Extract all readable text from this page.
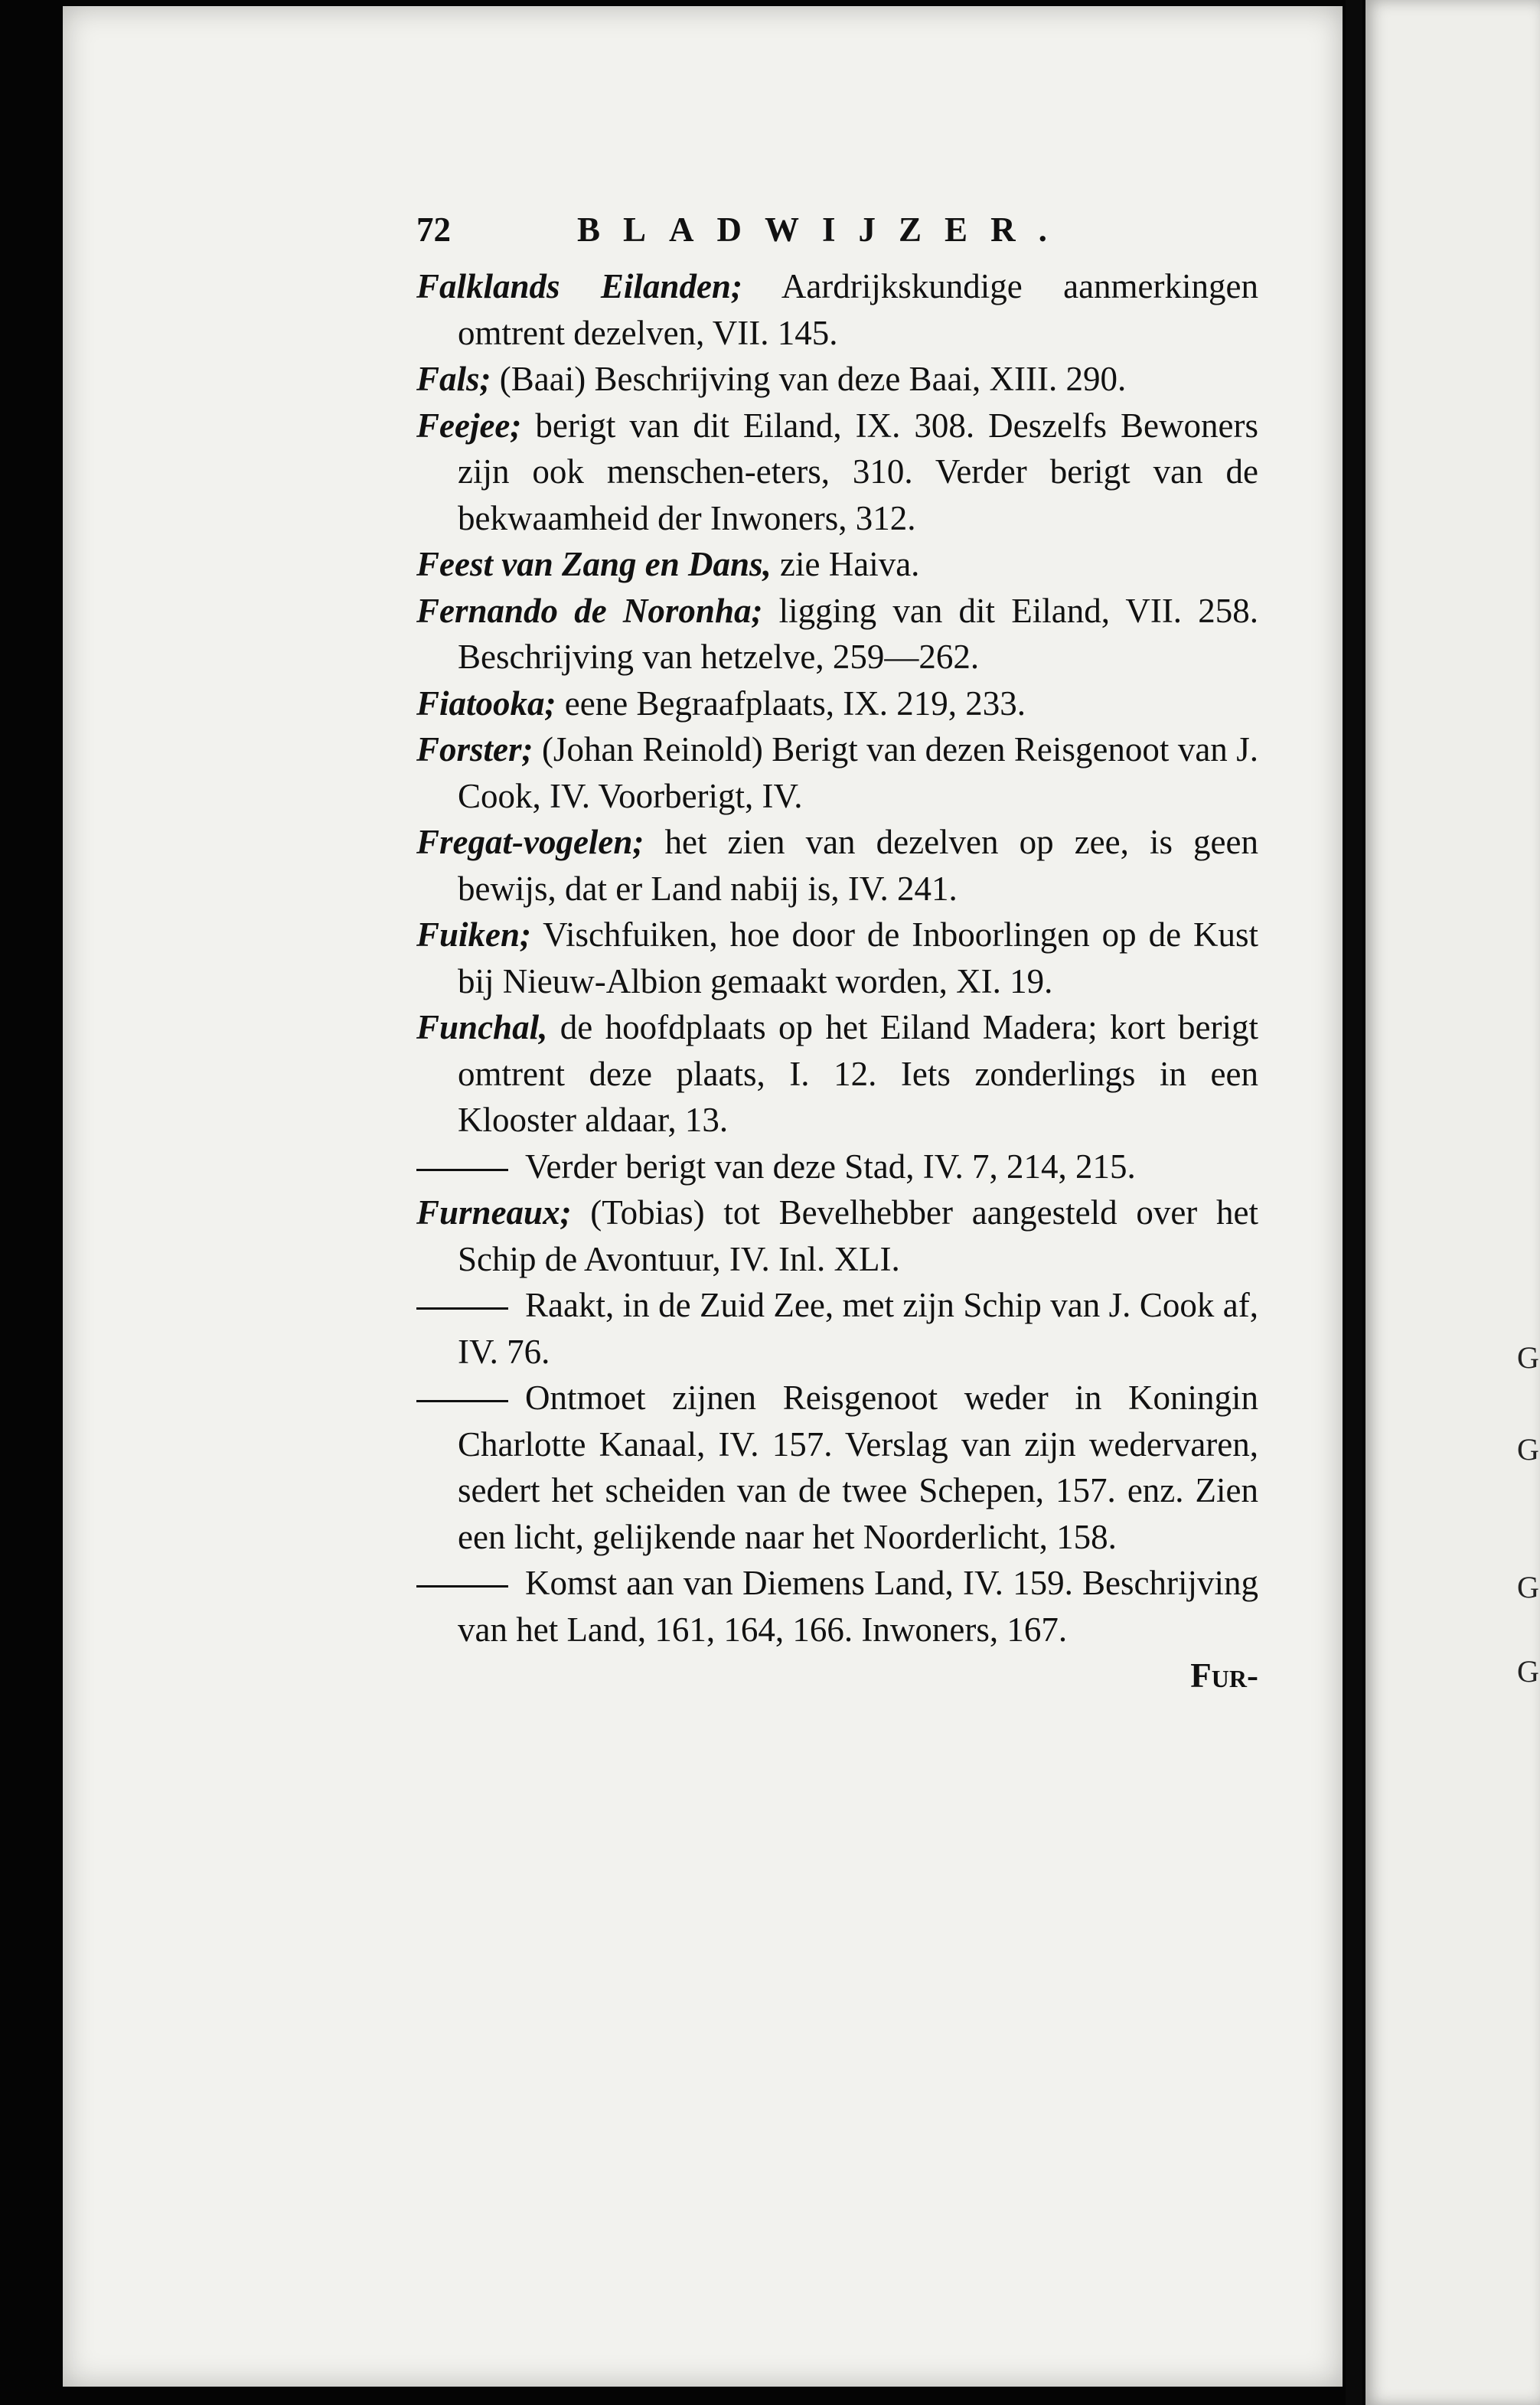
72	BLADWIJZER.
Falklands Eilanden; Aardrijkskundige aanmerkingen omtrent dezelven, VII. 145.
Fals; (Baai) Beschrijving van deze Baai, XIII. 290.
Feejee; berigt van dit Eiland, IX. 308. Deszelfs Bewoners zijn ook menschen-eters, 310. Verder berigt van de bekwaamheid der Inwoners, 312.
Feest van Zang en Dans, zie Haiva.
Fernando de Noronha; ligging van dit Eiland, VII. 258. Beschrijving van hetzelve, 259—262.
Fiatooka; eene Begraafplaats, IX. 219, 233.
Forster; (Johan Reinold) Berigt van dezen Reisgenoot van J. Cook, IV. Voorberigt, IV.
Fregat-vogelen; het zien van dezelven op zee, is geen bewijs, dat er Land nabij is, IV. 241.
Fuiken; Vischfuiken, hoe door de Inboorlingen op de Kust bij Nieuw-Albion gemaakt worden, XI. 19.
Funchal, de hoofdplaats op het Eiland Madera; kort berigt omtrent deze plaats, I. 12. Iets zonderlings in een Klooster aldaar, 13.
Verder berigt van deze Stad, IV. 7, 214, 215.
Furneaux; (Tobias) tot Bevelhebber aangesteld over het Schip de Avontuur, IV. Inl. XLI.
Raakt, in de Zuid Zee, met zijn Schip van J. Cook af, IV. 76.
Ontmoet zijnen Reisgenoot weder in Koningin Charlotte Kanaal, IV. 157. Verslag van zijn wedervaren, sedert het scheiden van de twee Schepen, 157. enz. Zien een licht, gelijkende naar het Noorderlicht, 158.
Komst aan van Diemens Land, IV. 159. Beschrijving van het Land, 161, 164, 166. Inwoners, 167.
Fur-
G
G
G
G
